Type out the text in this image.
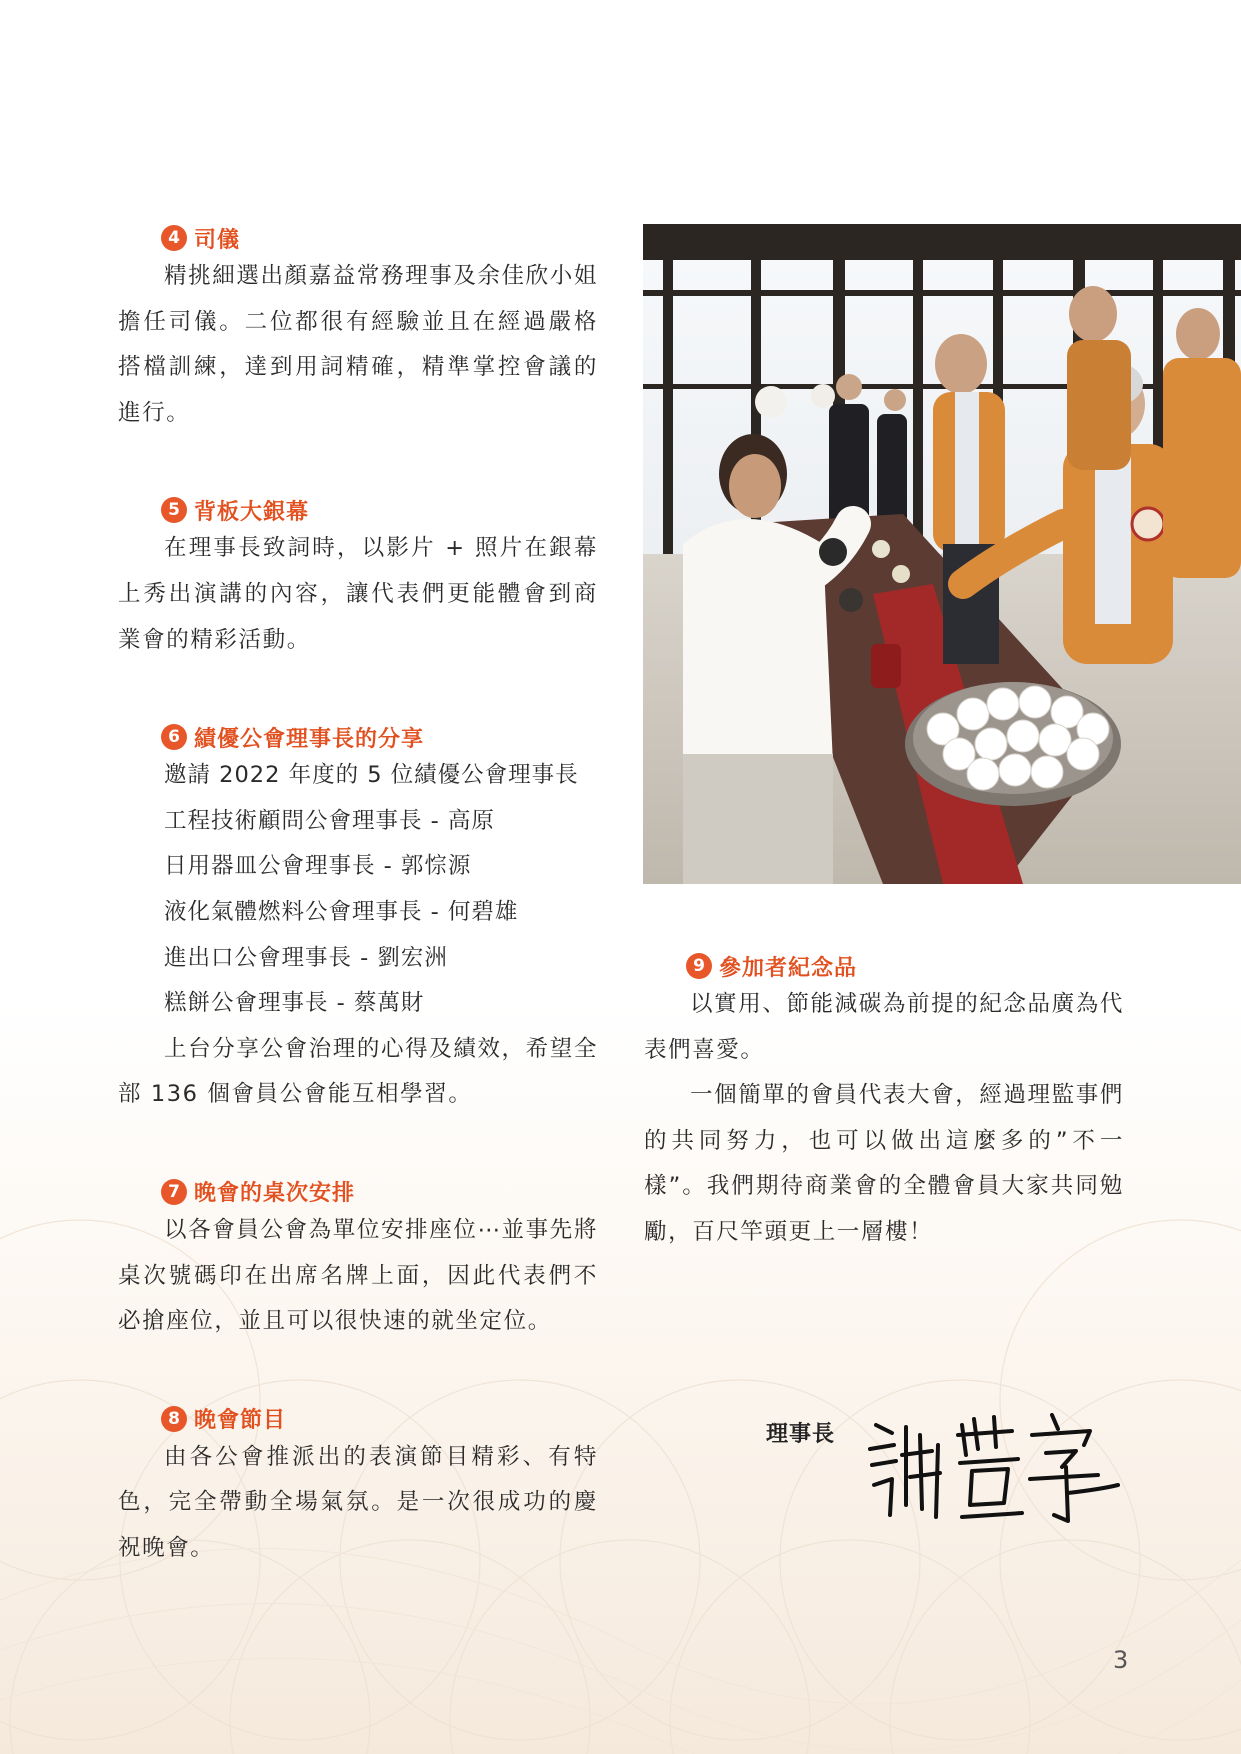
4 司儀

精挑細選出顏嘉益常務理事及余佳欣小姐擔任司儀。二位都很有經驗並且在經過嚴格搭檔訓練，達到用詞精確，精準掌控會議的進行。

5 背板大銀幕

在理事長致詞時，以影片 + 照片在銀幕上秀出演講的內容，讓代表們更能體會到商業會的精彩活動。

6 績優公會理事長的分享

邀請 2022 年度的 5 位績優公會理事長

工程技術顧問公會理事長 - 高原

日用器皿公會理事長 - 郭悰源

液化氣體燃料公會理事長 - 何碧雄

進出口公會理事長 - 劉宏洲

糕餅公會理事長 - 蔡萬財

上台分享公會治理的心得及績效，希望全部 136 個會員公會能互相學習。

7 晚會的桌次安排

以各會員公會為單位安排座位⋯並事先將桌次號碼印在出席名牌上面，因此代表們不必搶座位，並且可以很快速的就坐定位。

8 晚會節目

由各公會推派出的表演節目精彩、有特色，完全帶動全場氣氛。是一次很成功的慶祝晚會。

9 參加者紀念品

以實用、節能減碳為前提的紀念品廣為代表們喜愛。

一個簡單的會員代表大會，經過理監事們的共同努力，也可以做出這麼多的”不一樣”。我們期待商業會的全體會員大家共同勉勵，百尺竿頭更上一層樓！

理事長
3
